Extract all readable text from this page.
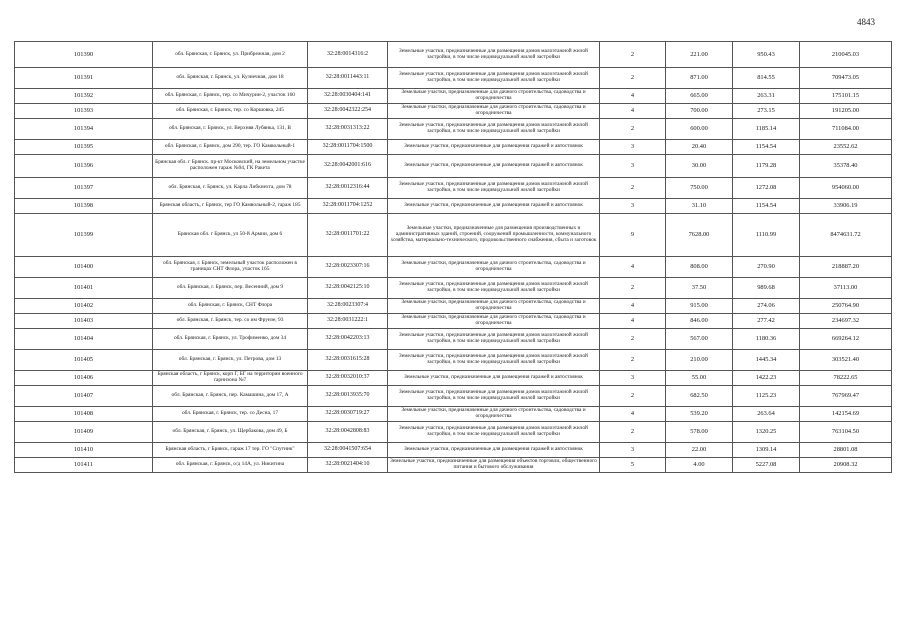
4843
101390	обл. Брянская, г. Брянск, ул. Прибрежная, дом 2	32:28:0014316:2	Земельные участки, предназначенные для размещения домов малоэтажной жилой застройки, в том числе индивидуальной жилой застройки	2	221.00	950.43	210045.03
101391	обл. Брянская, г. Брянск, ул. Кузнечная, дом 18	32:28:0011443:11	Земельные участки, предназначенные для размещения домов малоэтажной жилой застройки, в том числе индивидуальной жилой застройки	2	871.00	814.55	709473.05
101392	обл. Брянская, г. Брянск, тер. со Мичурин-2, участок 160	32:28:0030404:141	Земельные участки, предназначенные для дачного строительства, садоводства и огородничества	4	665.00	263.31	175101.15
101393	обл. Брянская, г. Брянск, тер. со Коршовка, 245	32:28:0042322:254	Земельные участки, предназначенные для дачного строительства, садоводства и огородничества	4	700.00	273.15	191205.00
101394	обл. Брянская, г. Брянск, ул. Верхняя Лубянка, 131, В	32:28:0031313:22	Земельные участки, предназначенные для размещения домов малоэтажной жилой застройки, в том числе индивидуальной жилой застройки	2	600.00	1185.14	711084.00
101395	обл. Брянская, г. Брянск, дом 290, тер. ГО Камвольный-1	32:28:0011704:1500	Земельные участки, предназначенные для размещения гаражей и автостоянок	3	20.40	1154.54	23552.62
101396	Брянская обл. г Брянск. пр-кт Московский, на земельном участке расположен гараж №94, ГК Ракета	32:28:0042001:616	Земельные участки, предназначенные для размещения гаражей и автостоянок	3	30.00	1179.28	35378.40
101397	обл. Брянская, г. Брянск, ул. Карла Либкнехта, дом 78	32:28:0012316:44	Земельные участки, предназначенные для размещения домов малоэтажной жилой застройки, в том числе индивидуальной жилой застройки	2	750.00	1272.08	954060.00
101398	Брянская область, г Брянск, тер ГО Камвольный-2, гараж 185	32:28:0011704:1252	Земельные участки, предназначенные для размещения гаражей и автостоянок	3	31.10	1154.54	33906.19
101399	Брянская обл. г Брянск, ул 50-й Армии, дом 6	32:28:0011701:22	Земельные участки, предназначенные для размещения производственных и административных зданий, строений, сооружений промышленности, коммунального хозяйства, материально-технического, продовольственного снабжения, сбыта и заготовок	9	7628.00	1110.99	8474631.72
101400	обл. Брянская, г. Брянск, земельный участок расположен в границах СНТ Флора, участок 165	32:28:0023307:16	Земельные участки, предназначенные для дачного строительства, садоводства и огородничества	4	808.00	270.90	218887.20
101401	обл. Брянская, г. Брянск, пер. Весенний, дом 9	32:28:0042125:10	Земельные участки, предназначенные для размещения домов малоэтажной жилой застройки, в том числе индивидуальной жилой застройки	2	37.50	989.68	37113.00
101402	обл. Брянская, г. Брянск, СНТ Флора	32:28:0023307:4	Земельные участки, предназначенные для дачного строительства, садоводства и огородничества	4	915.00	274.06	250764.90
101403	обл. Брянская, г. Брянск, тер. со им Фрунзе, 93	32:28:0031222:1	Земельные участки, предназначенные для дачного строительства, садоводства и огородничества	4	846.00	277.42	234697.32
101404	обл. Брянская, г. Брянск, ул. Трофименко, дом 34	32:28:0042203:13	Земельные участки, предназначенные для размещения домов малоэтажной жилой застройки, в том числе индивидуальной жилой застройки	2	567.00	1180.36	669264.12
101405	обл. Брянская, г. Брянск, ул. Петрова, дом 13	32:28:0031615:28	Земельные участки, предназначенные для размещения домов малоэтажной жилой застройки, в том числе индивидуальной жилой застройки	2	210.00	1445.34	303521.40
101406	Брянская область, г Брянск, корп Г, БГ на территории военного гарнизона №7	32:28:0032010:37	Земельные участки, предназначенные для размещения гаражей и автостоянок	3	55.00	1422.23	78222.65
101407	обл. Брянская, г. Брянск, пер. Камашина, дом 17, А	32:28:0013935:70	Земельные участки, предназначенные для размещения домов малоэтажной жилой застройки, в том числе индивидуальной жилой застройки	2	682.50	1125.23	767969.47
101408	обл. Брянская, г. Брянск, тер. со Десна, 17	32:28:0030719:27	Земельные участки, предназначенные для дачного строительства, садоводства и огородничества	4	539.20	263.64	142154.69
101409	обл. Брянская, г. Брянск, ул. Щербакова, дом 49, Б	32:28:0042808:83	Земельные участки, предназначенные для размещения домов малоэтажной жилой застройки, в том числе индивидуальной жилой застройки	2	578.00	1320.25	763104.50
101410	Брянская область, г Брянск, гараж 17 тер. ГО "Спутник"	32:28:0041507:654	Земельные участки, предназначенные для размещения гаражей и автостоянок	3	22.00	1309.14	28801.08
101411	обл. Брянская, г. Брянск, о/д 14А, ул. Никитина	32:28:0021404:10	Земельные участки, предназначенные для размещения объектов торговли, общественного питания и бытового обслуживания	5	4.00	5227.08	20908.32
